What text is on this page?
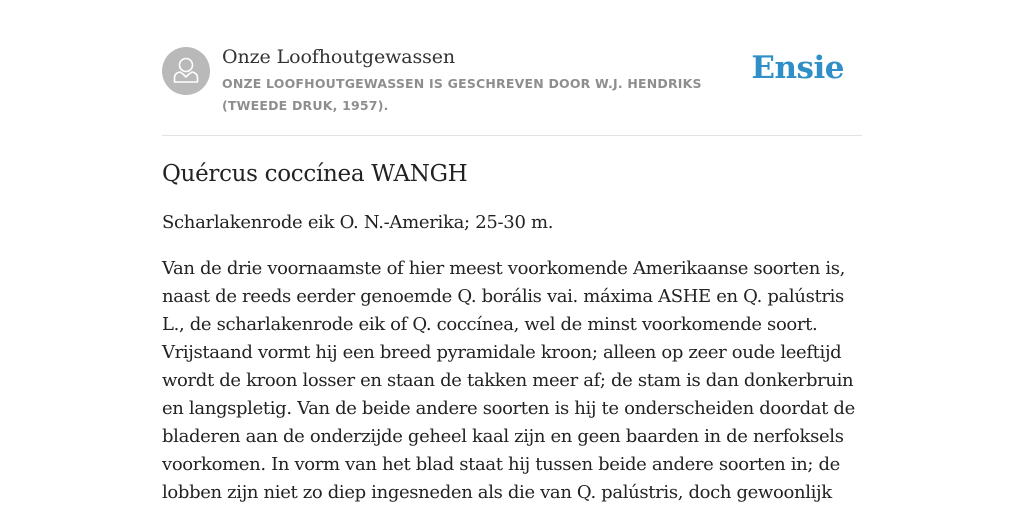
Onze Loofhoutgewassen
ONZE LOOFHOUTGEWASSEN IS GESCHREVEN DOOR W.J. HENDRIKS (TWEEDE DRUK, 1957).
Ensie
Quércus coccínea WANGH

Scharlakenrode eik O. N.-Amerika; 25-30 m.

Van de drie voornaamste of hier meest voorkomende Amerikaanse soorten is, naast de reeds eerder genoemde Q. borális vai. máxima ASHE en Q. palústris L., de scharlakenrode eik of Q. coccínea, wel de minst voorkomende soort. Vrijstaand vormt hij een breed pyramidale kroon; alleen op zeer oude leeftijd wordt de kroon losser en staan de takken meer af; de stam is dan donkerbruin en langspletig. Van de beide andere soorten is hij te onderscheiden doordat de bladeren aan de onderzijde geheel kaal zijn en geen baarden in de nerfoksels voorkomen. In vorm van het blad staat hij tussen beide andere soorten in; de lobben zijn niet zo diep ingesneden als die van Q. palústris, doch gewoonlijk
